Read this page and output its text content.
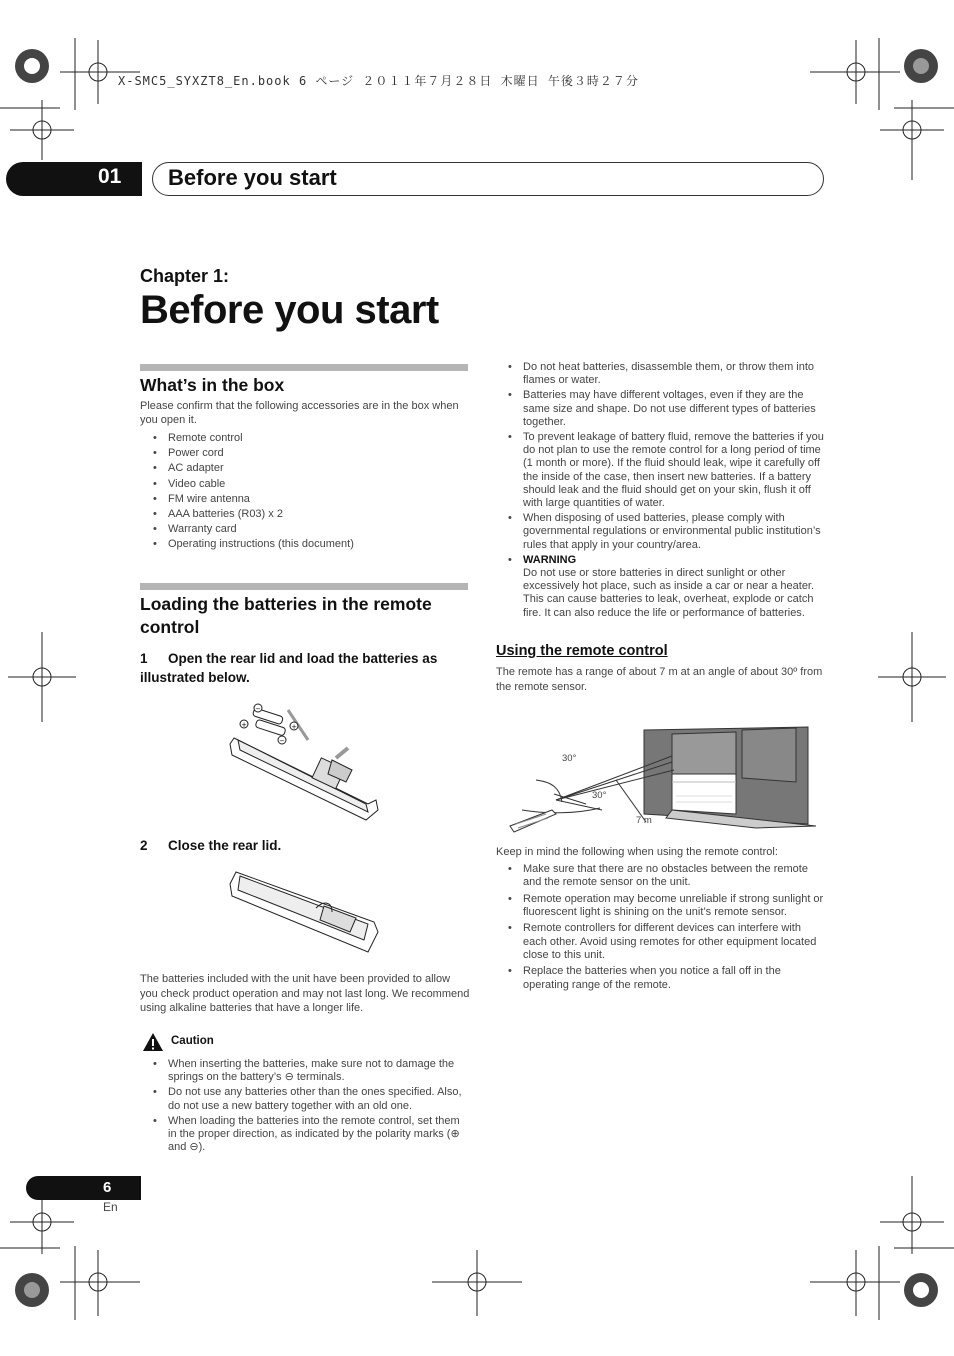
X-SMC5_SYXZT8_En.book 6 ページ ２０１１年７月２８日 木曜日 午後３時２７分
01 Before you start
Chapter 1:
Before you start
What’s in the box
Please confirm that the following accessories are in the box when you open it.
• Remote control
• Power cord
• AC adapter
• Video cable
• FM wire antenna
• AAA batteries (R03) x 2
• Warranty card
• Operating instructions (this document)
Loading the batteries in the remote control
1 Open the rear lid and load the batteries as illustrated below.
+	+
−
−
2 Close the rear lid.
The batteries included with the unit have been provided to allow you check product operation and may not last long. We recommend using alkaline batteries that have a longer life.
Caution
• When inserting the batteries, make sure not to damage the springs on the battery’s ⊖ terminals.
• Do not use any batteries other than the ones specified. Also, do not use a new battery together with an old one.
• When loading the batteries into the remote control, set them in the proper direction, as indicated by the polarity marks (⊕ and ⊖).
• Do not heat batteries, disassemble them, or throw them into flames or water.
• Batteries may have different voltages, even if they are the same size and shape. Do not use different types of batteries together.
• To prevent leakage of battery fluid, remove the batteries if you do not plan to use the remote control for a long period of time (1 month or more). If the fluid should leak, wipe it carefully off the inside of the case, then insert new batteries. If a battery should leak and the fluid should get on your skin, flush it off with large quantities of water.
• When disposing of used batteries, please comply with governmental regulations or environmental public institution’s rules that apply in your country/area.
• WARNING
Do not use or store batteries in direct sunlight or other excessively hot place, such as inside a car or near a heater. This can cause batteries to leak, overheat, explode or catch fire. It can also reduce the life or performance of batteries.
Using the remote control
The remote has a range of about 7 m at an angle of about 30º from the remote sensor.
30°
30°
7 m
Keep in mind the following when using the remote control:
• Make sure that there are no obstacles between the remote and the remote sensor on the unit.
• Remote operation may become unreliable if strong sunlight or fluorescent light is shining on the unit’s remote sensor.
• Remote controllers for different devices can interfere with each other. Avoid using remotes for other equipment located close to this unit.
• Replace the batteries when you notice a fall off in the operating range of the remote.
6
En
